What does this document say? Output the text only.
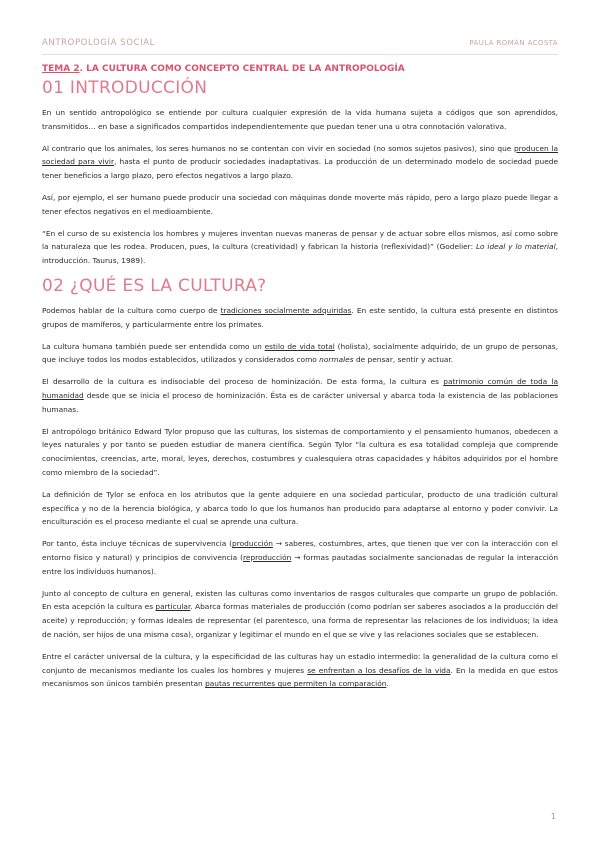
ANTROPOLOGÍA SOCIAL	PAULA ROMÁN ACOSTA
TEMA 2. LA CULTURA COMO CONCEPTO CENTRAL DE LA ANTROPOLOGÍA
01 INTRODUCCIÓN

En un sentido antropológico se entiende por cultura cualquier expresión de la vida humana sujeta a códigos que son aprendidos, transmitidos… en base a significados compartidos independientemente que puedan tener una u otra connotación valorativa.

Al contrario que los animales, los seres humanos no se contentan con vivir en sociedad (no somos sujetos pasivos), sino que producen la sociedad para vivir, hasta el punto de producir sociedades inadaptativas. La producción de un determinado modelo de sociedad puede tener beneficios a largo plazo, pero efectos negativos a largo plazo.

Así, por ejemplo, el ser humano puede producir una sociedad con máquinas donde moverte más rápido, pero a largo plazo puede llegar a tener efectos negativos en el medioambiente.

“En el curso de su existencia los hombres y mujeres inventan nuevas maneras de pensar y de actuar sobre ellos mismos, así como sobre la naturaleza que les rodea. Producen, pues, la cultura (creatividad) y fabrican la historia (reflexividad)” (Godelier: Lo ideal y lo material, introducción. Taurus, 1989).

02 ¿QUÉ ES LA CULTURA?

Podemos hablar de la cultura como cuerpo de tradiciones socialmente adquiridas. En este sentido, la cultura está presente en distintos grupos de mamíferos, y particularmente entre los primates.

La cultura humana también puede ser entendida como un estilo de vida total (holista), socialmente adquirido, de un grupo de personas, que incluye todos los modos establecidos, utilizados y considerados como normales de pensar, sentir y actuar.

El desarrollo de la cultura es indisociable del proceso de hominización. De esta forma, la cultura es patrimonio común de toda la humanidad desde que se inicia el proceso de hominización. Ésta es de carácter universal y abarca toda la existencia de las poblaciones humanas.

El antropólogo británico Edward Tylor propuso que las culturas, los sistemas de comportamiento y el pensamiento humanos, obedecen a leyes naturales y por tanto se pueden estudiar de manera científica. Según Tylor “la cultura es esa totalidad compleja que comprende conocimientos, creencias, arte, moral, leyes, derechos, costumbres y cualesquiera otras capacidades y hábitos adquiridos por el hombre como miembro de la sociedad”.

La definición de Tylor se enfoca en los atributos que la gente adquiere en una sociedad particular, producto de una tradición cultural específica y no de la herencia biológica, y abarca todo lo que los humanos han producido para adaptarse al entorno y poder convivir. La enculturación es el proceso mediante el cual se aprende una cultura.

Por tanto, ésta incluye técnicas de supervivencia (producción → saberes, costumbres, artes, que tienen que ver con la interacción con el entorno físico y natural) y principios de convivencia (reproducción → formas pautadas socialmente sancionadas de regular la interacción entre los individuos humanos).

Junto al concepto de cultura en general, existen las culturas como inventarios de rasgos culturales que comparte un grupo de población. En esta acepción la cultura es particular. Abarca formas materiales de producción (como podrían ser saberes asociados a la producción del aceite) y reproducción; y formas ideales de representar (el parentesco, una forma de representar las relaciones de los individuos; la idea de nación, ser hijos de una misma cosa), organizar y legitimar el mundo en el que se vive y las relaciones sociales que se establecen.

Entre el carácter universal de la cultura, y la especificidad de las culturas hay un estadio intermedio: la generalidad de la cultura como el conjunto de mecanismos mediante los cuales los hombres y mujeres se enfrentan a los desafíos de la vida. En la medida en que estos mecanismos son únicos también presentan pautas recurrentes que permiten la comparación.

1
